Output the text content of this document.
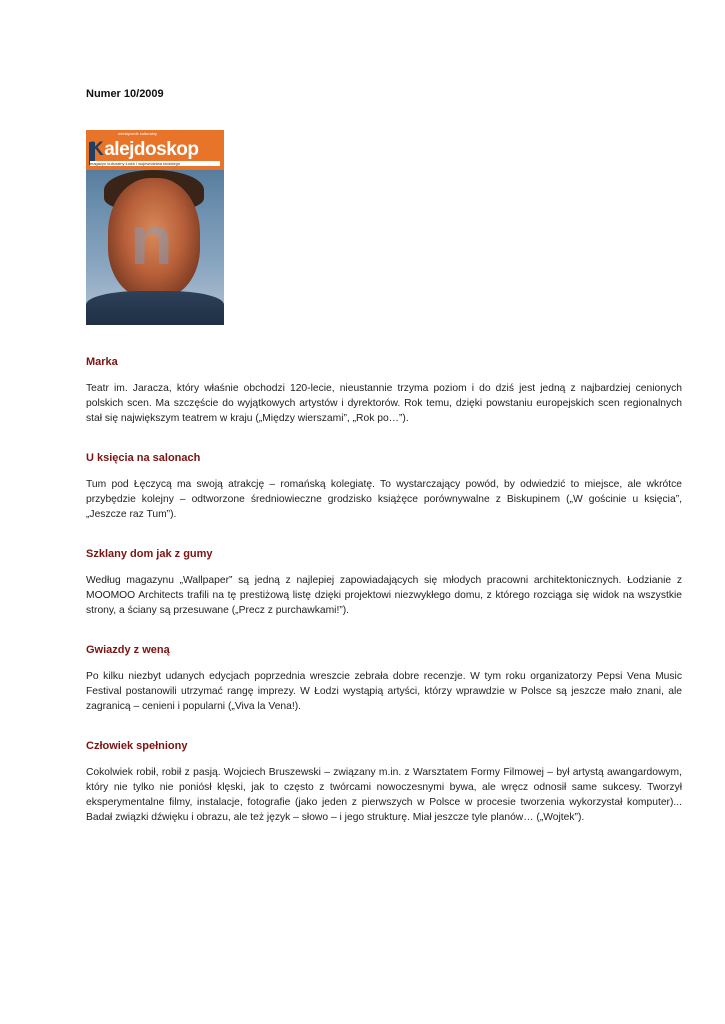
Numer 10/2009
n
miesięcznik kulturalny
Kalejdoskop
magazyn kulturalny Łodzi i województwa łódzkiego
Marka

Teatr im. Jaracza, który właśnie obchodzi 120-lecie, nieustannie trzyma poziom i do dziś jest jedną z najbardziej cenionych polskich scen. Ma szczęście do wyjątkowych artystów i dyrektorów. Rok temu, dzięki powstaniu europejskich scen regionalnych stał się największym teatrem w kraju („Między wierszami”, „Rok po…”).

U księcia na salonach

Tum pod Łęczycą ma swoją atrakcję – romańską kolegiatę. To wystarczający powód, by odwiedzić to miejsce, ale wkrótce przybędzie kolejny – odtworzone średniowieczne grodzisko książęce porównywalne z Biskupinem („W gościnie u księcia”, „Jeszcze raz Tum”).

Szklany dom jak z gumy

Według magazynu „Wallpaper” są jedną z najlepiej zapowiadających się młodych pracowni architektonicznych. Łodzianie z MOOMOO Architects trafili na tę prestiżową listę dzięki projektowi niezwykłego domu, z którego rozciąga się widok na wszystkie strony, a ściany są przesuwane („Precz z purchawkami!”).

Gwiazdy z weną

Po kilku niezbyt udanych edycjach poprzednia wreszcie zebrała dobre recenzje. W tym roku organizatorzy Pepsi Vena Music Festival postanowili utrzymać rangę imprezy. W Łodzi wystąpią artyści, którzy wprawdzie w Polsce są jeszcze mało znani, ale zagranicą – cenieni i popularni („Viva la Vena!).

Człowiek spełniony

Cokolwiek robił, robił z pasją. Wojciech Bruszewski – związany m.in. z Warsztatem Formy Filmowej – był artystą awangardowym, który nie tylko nie poniósł klęski, jak to często z twórcami nowoczesnymi bywa, ale wręcz odnosił same sukcesy. Tworzył eksperymentalne filmy, instalacje, fotografie (jako jeden z pierwszych w Polsce w procesie tworzenia wykorzystał komputer)... Badał związki dźwięku i obrazu, ale też język – słowo – i jego strukturę. Miał jeszcze tyle planów… („Wojtek”).
